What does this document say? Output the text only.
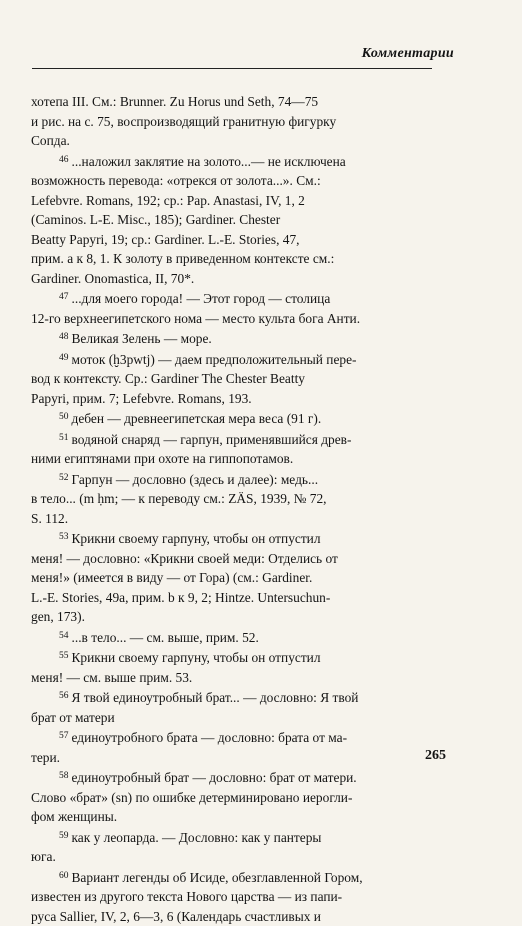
Комментарии
хотепа III. См.: Brunner. Zu Horus und Seth, 74—75
и рис. на с. 75, воспроизводящий гранитную фигурку
Сопда.
$^{46}$ ...наложил заклятие на золото...— не исключена
возможность перевода: «отрекся от золота...». См.:
Lefebvre. Romans, 192; ср.: Pap. Anastasi, IV, 1, 2
(Caminos. L-E. Misc., 185); Gardiner. Chester
Beatty Papyri, 19; ср.: Gardiner. L.-E. Stories, 47,
прим. а к 8, 1. К золоту в приведенном контексте см.:
Gardiner. Onomastica, II, 70*.
$^{47}$ ...для моего города! — Этот город — столица
12-го верхнеегипетского нома — место культа бога Анти.
$^{48}$ Великая Зелень — море.
$^{49}$ моток (ḫ3pwtj) — даем предположительный пере-
вод к контексту. Ср.: Gardiner The Chester Beatty
Papyri, прим. 7; Lefebvre. Romans, 193.
$^{50}$ дебен — древнеегипетская мера веса (91 г).
$^{51}$ водяной снаряд — гарпун, применявшийся древ-
ними египтянами при охоте на гиппопотамов.
$^{52}$ Гарпун — дословно (здесь и далее): медь...
в тело... (m ḥm; — к переводу см.: ZÄS, 1939, № 72,
S. 112.
$^{53}$ Крикни своему гарпуну, чтобы он отпустил
меня! — дословно: «Крикни своей меди: Отделись от
меня!» (имеется в виду — от Гора) (см.: Gardiner.
L.-E. Stories, 49a, прим. b к 9, 2; Hintze. Untersuchun-
gen, 173).
$^{54}$ ...в тело... — см. выше, прим. 52.
$^{55}$ Крикни своему гарпуну, чтобы он отпустил
меня! — см. выше прим. 53.
$^{56}$ Я твой единоутробный брат... — дословно: Я твой
брат от матери
$^{57}$ единоутробного брата — дословно: брата от ма-
тери.
$^{58}$ единоутробный брат — дословно: брат от матери.
Слово «брат» (sn) по ошибке детерминировано иерогли-
фом женщины.
$^{59}$ как у леопарда. — Дословно: как у пантеры
юга.
$^{60}$ Вариант легенды об Исиде, обезглавленной Гором,
известен из другого текста Нового царства — из папи-
руса Sallier, IV, 2, 6—3, 6 (Календарь счастливых и
265
